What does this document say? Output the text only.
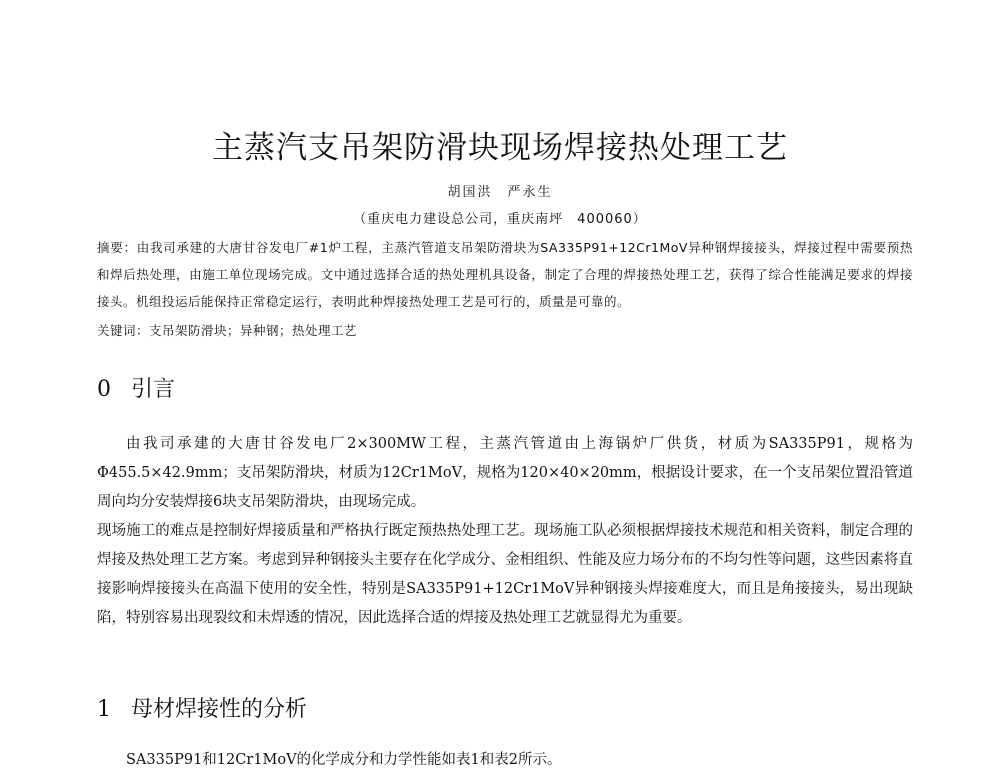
主蒸汽支吊架防滑块现场焊接热处理工艺
胡国洪　严永生
（重庆电力建设总公司，重庆南坪　400060）
摘要：由我司承建的大唐甘谷发电厂#1炉工程，主蒸汽管道支吊架防滑块为SA335P91+12Cr1MoV异种钢焊接接头，焊接过程中需要预热和焊后热处理，由施工单位现场完成。文中通过选择合适的热处理机具设备，制定了合理的焊接热处理工艺，获得了综合性能满足要求的焊接接头。机组投运后能保持正常稳定运行，表明此种焊接热处理工艺是可行的，质量是可靠的。
关键词：支吊架防滑块；异种钢；热处理工艺
0 引言

由我司承建的大唐甘谷发电厂2×300MW工程，主蒸汽管道由上海锅炉厂供货，材质为SA335P91，规格为Φ455.5×42.9mm；支吊架防滑块，材质为12Cr1MoV，规格为120×40×20mm，根据设计要求，在一个支吊架位置沿管道周向均分安装焊接6块支吊架防滑块，由现场完成。

现场施工的难点是控制好焊接质量和严格执行既定预热热处理工艺。现场施工队必须根据焊接技术规范和相关资料，制定合理的焊接及热处理工艺方案。考虑到异种钢接头主要存在化学成分、金相组织、性能及应力场分布的不均匀性等问题，这些因素将直接影响焊接接头在高温下使用的安全性，特别是SA335P91+12Cr1MoV异种钢接头焊接难度大，而且是角接接头，易出现缺陷，特别容易出现裂纹和未焊透的情况，因此选择合适的焊接及热处理工艺就显得尤为重要。

1 母材焊接性的分析

SA335P91和12Cr1MoV的化学成分和力学性能如表1和表2所示。
